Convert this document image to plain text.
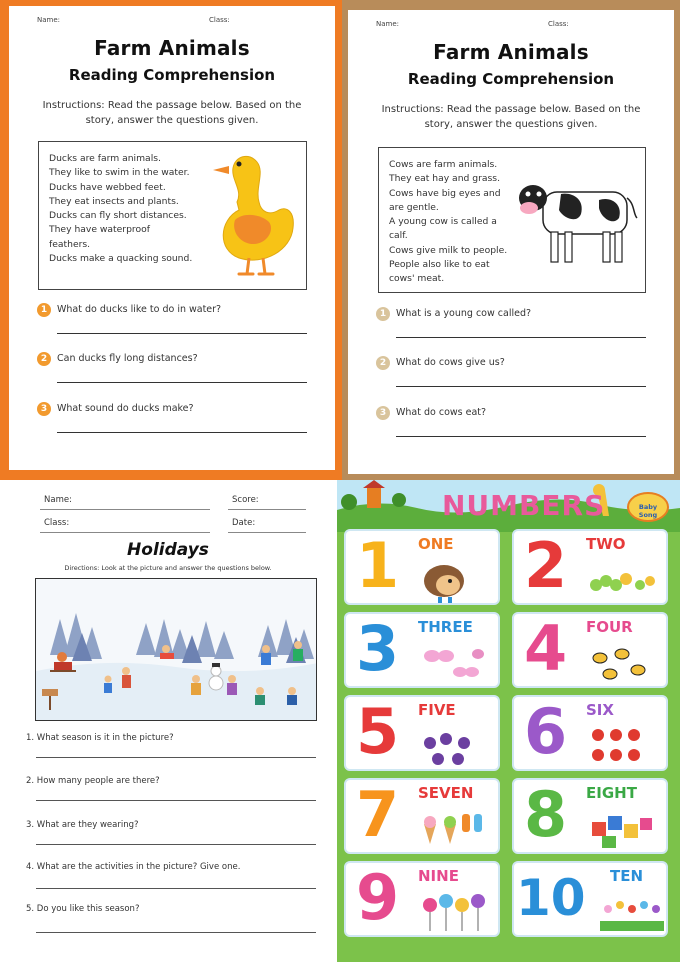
Name:	Class:
Farm Animals
Reading Comprehension
Instructions: Read the passage below. Based on the story, answer the questions given.
Ducks are farm animals.
They like to swim in the water.
Ducks have webbed feet.
They eat insects and plants.
Ducks can fly short distances.
They have waterproof
feathers.
Ducks make a quacking sound.
1	What do ducks like to do in water?
2	Can ducks fly long distances?
3	What sound do ducks make?
Name:	Class:
Farm Animals
Reading Comprehension
Instructions: Read the passage below. Based on the story, answer the questions given.
Cows are farm animals.
They eat hay and grass.
Cows have big eyes and
are gentle.
A young cow is called a
calf.
Cows give milk to people.
People also like to eat
cows' meat.
1	What is a young cow called?
2	What do cows give us?
3	What do cows eat?
Name:	Score:
Class:	Date:
Holidays
Directions: Look at the picture and answer the questions below.
1. What season is it in the picture?
2. How many people are there?
3. What are they wearing?
4. What are the activities in the picture? Give one.
5. Do you like this season?
NUMBERS	Baby Song
1 ONE 2 TWO
3 THREE 4 FOUR
5 FIVE 6 SIX
7 SEVEN 8 EIGHT
9 NINE 10 TEN
